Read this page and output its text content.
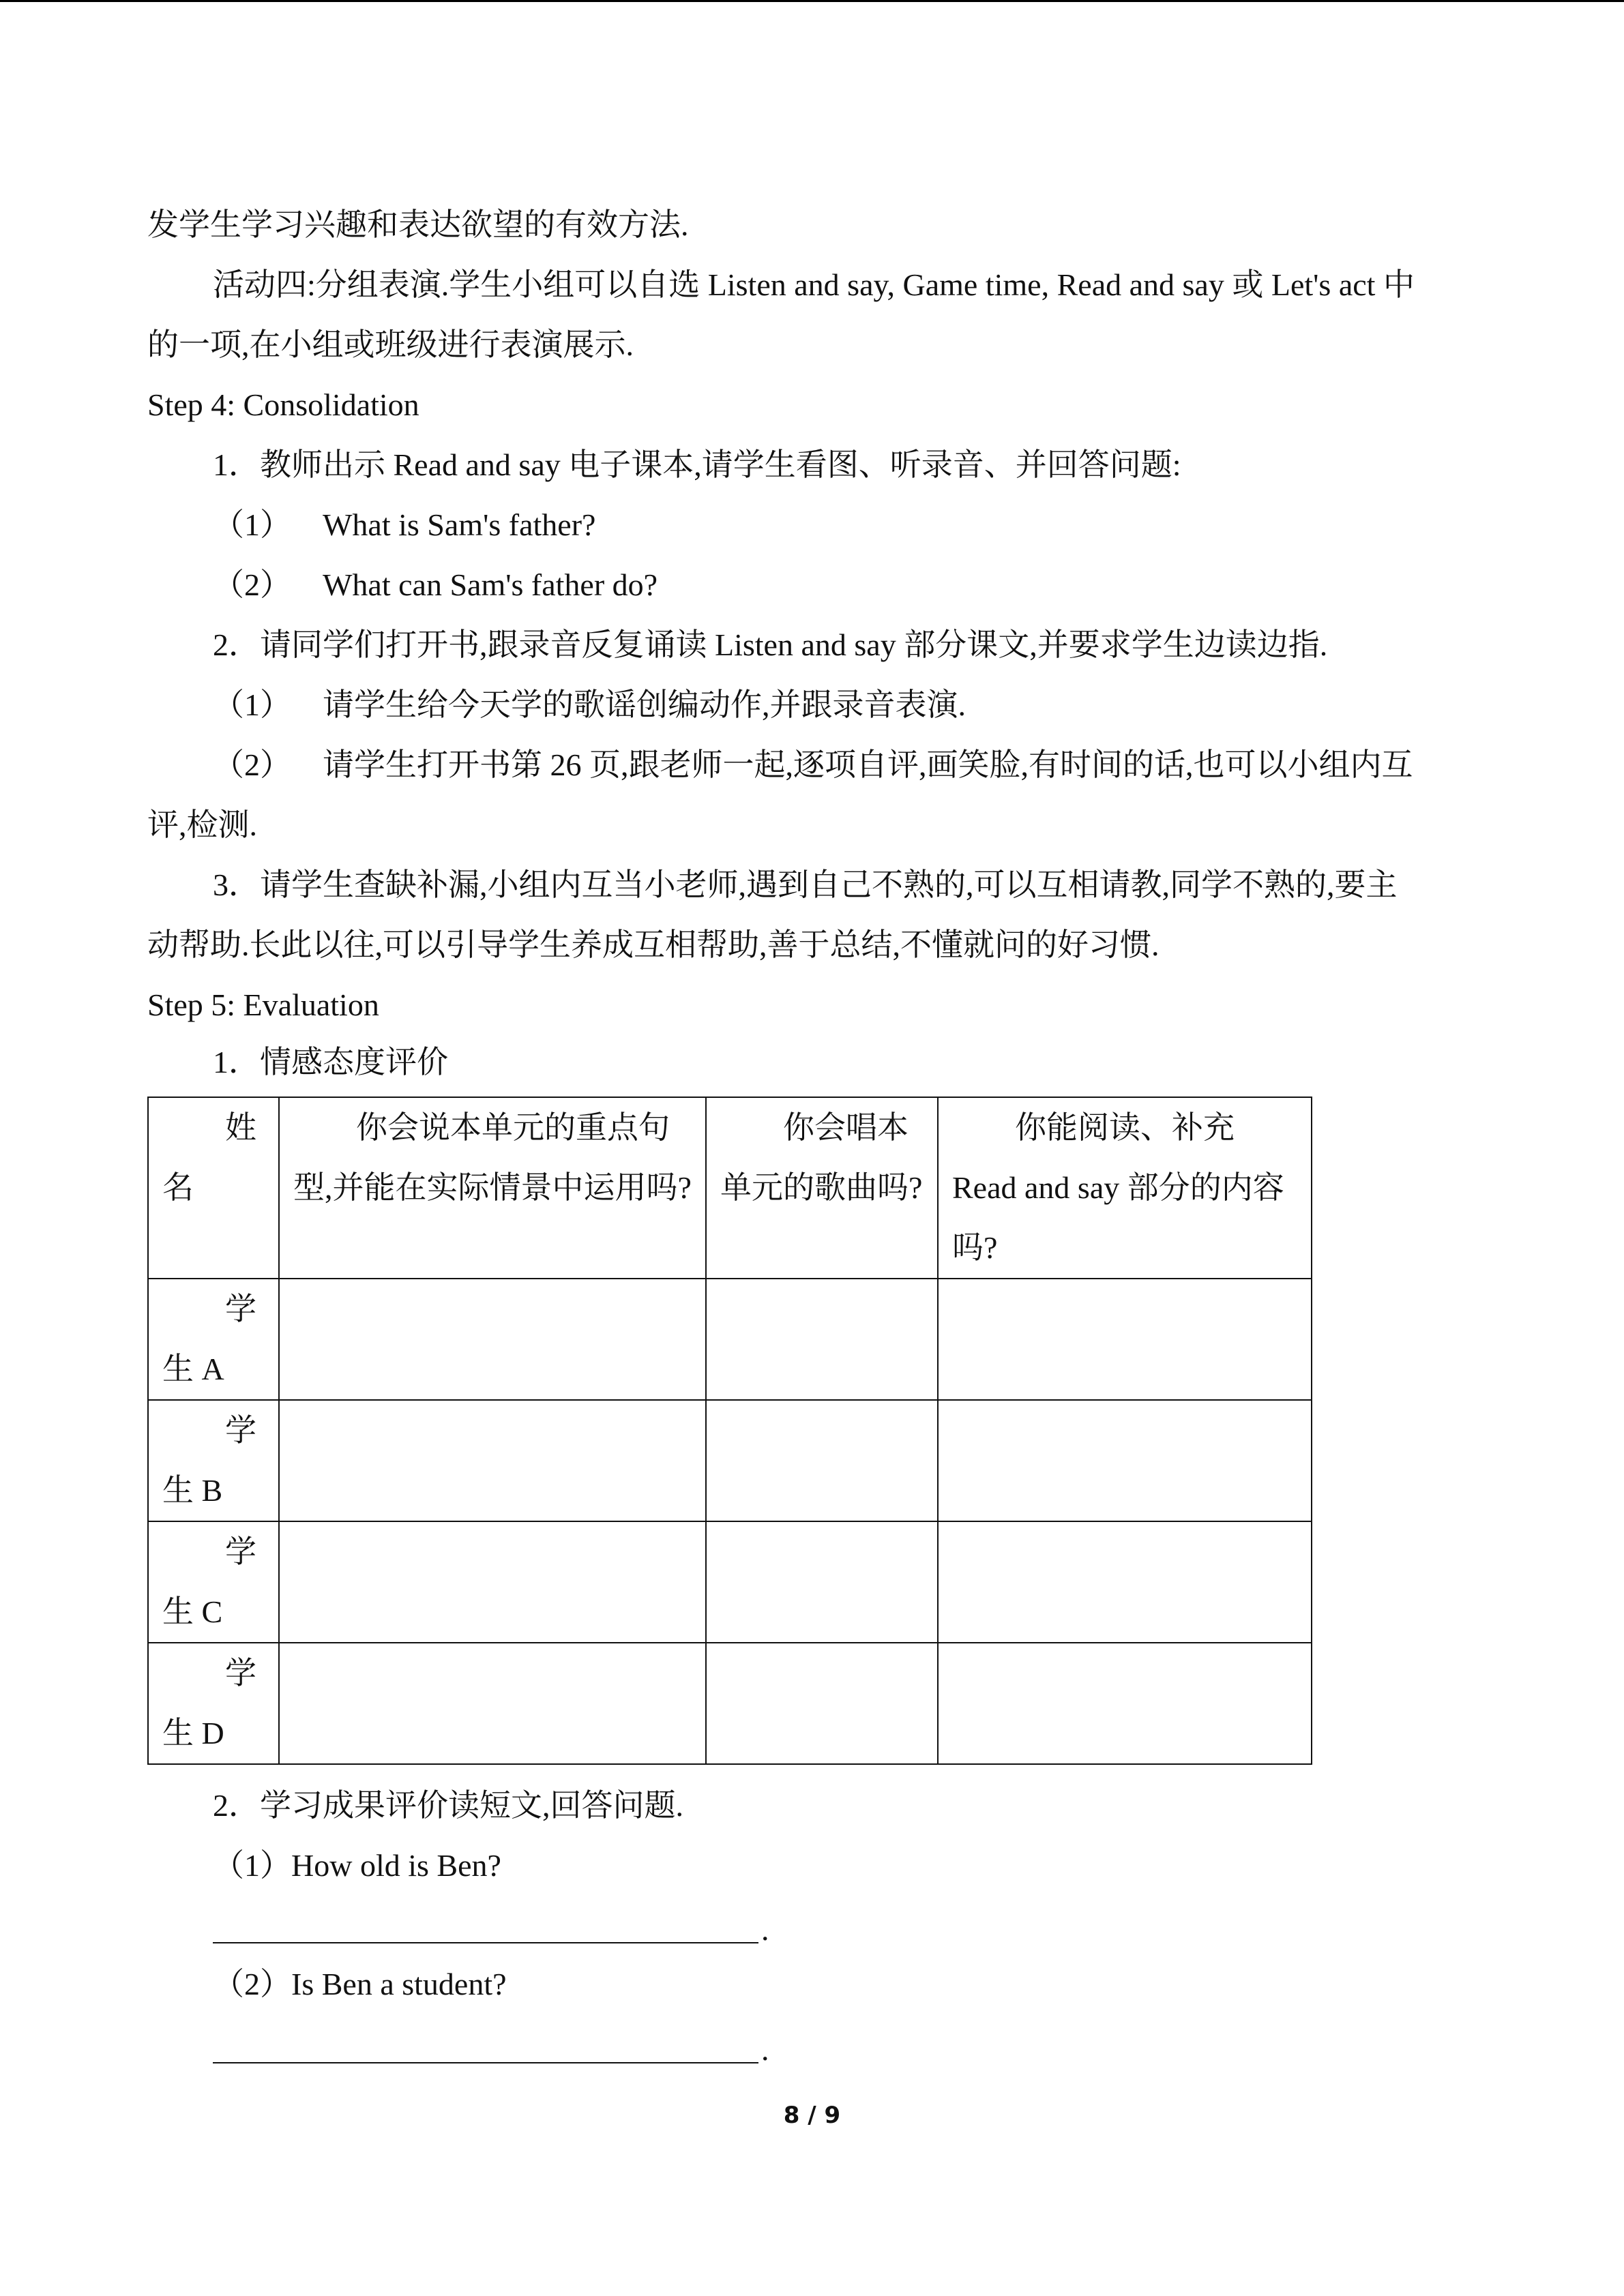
发学生学习兴趣和表达欲望的有效方法.
活动四:分组表演.学生小组可以自选 Listen and say, Game time, Read and say 或 Let's act 中
的一项,在小组或班级进行表演展示.
Step 4: Consolidation
1．教师出示 Read and say 电子课本,请学生看图、听录音、并回答问题:
（1） What is Sam's father?
（2） What can Sam's father do?
2．请同学们打开书,跟录音反复诵读 Listen and say 部分课文,并要求学生边读边指.
（1） 请学生给今天学的歌谣创编动作,并跟录音表演.
（2） 请学生打开书第 26 页,跟老师一起,逐项自评,画笑脸,有时间的话,也可以小组内互
评,检测.
3．请学生查缺补漏,小组内互当小老师,遇到自己不熟的,可以互相请教,同学不熟的,要主
动帮助.长此以往,可以引导学生养成互相帮助,善于总结,不懂就问的好习惯.
Step 5: Evaluation
1．情感态度评价
姓名	你会说本单元的重点句型,并能在实际情景中运用吗?	你会唱本单元的歌曲吗?	你能阅读、补充 Read and say 部分的内容吗?
学生 A			
学生 B			
学生 C			
学生 D			
2．学习成果评价读短文,回答问题.
（1）How old is Ben?
.
（2）Is Ben a student?
.
8 / 9
